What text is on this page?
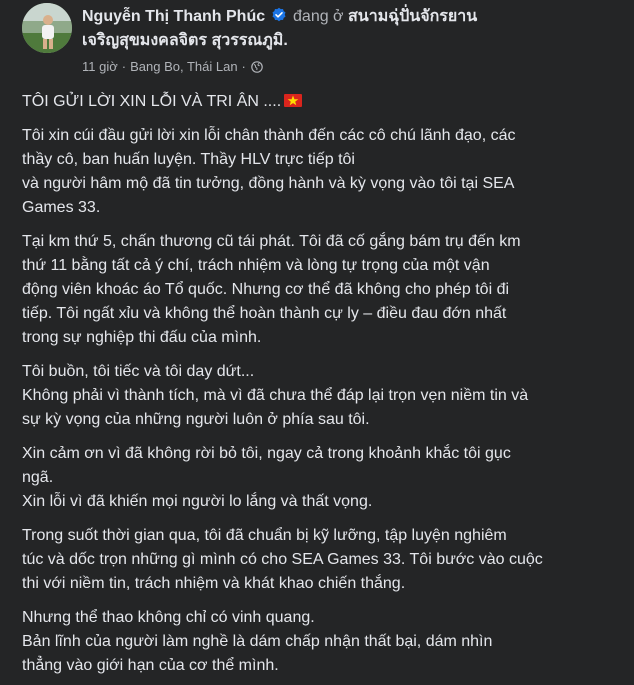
Nguyễn Thị Thanh Phúc đang ở สนามฉุ่ปั่นจักรยาน
เจริญสุขมงคลจิตร สุวรรณภูมิ.
11 giờ · Bang Bo, Thái Lan ·

TÔI GỬI LỜI XIN LỖI VÀ TRI ÂN ....

Tôi xin cúi đầu gửi lời xin lỗi chân thành đến các cô chú lãnh đạo, các
thầy cô, ban huấn luyện. Thầy HLV trực tiếp tôi
và người hâm mộ đã tin tưởng, đồng hành và kỳ vọng vào tôi tại SEA
Games 33.

Tại km thứ 5, chấn thương cũ tái phát. Tôi đã cố gắng bám trụ đến km
thứ 11 bằng tất cả ý chí, trách nhiệm và lòng tự trọng của một vận
động viên khoác áo Tổ quốc. Nhưng cơ thể đã không cho phép tôi đi
tiếp. Tôi ngất xỉu và không thể hoàn thành cự ly – điều đau đớn nhất
trong sự nghiệp thi đấu của mình.

Tôi buồn, tôi tiếc và tôi day dứt...
Không phải vì thành tích, mà vì đã chưa thể đáp lại trọn vẹn niềm tin và
sự kỳ vọng của những người luôn ở phía sau tôi.

Xin cảm ơn vì đã không rời bỏ tôi, ngay cả trong khoảnh khắc tôi gục
ngã.
Xin lỗi vì đã khiến mọi người lo lắng và thất vọng.

Trong suốt thời gian qua, tôi đã chuẩn bị kỹ lưỡng, tập luyện nghiêm
túc và dốc trọn những gì mình có cho SEA Games 33. Tôi bước vào cuộc
thi với niềm tin, trách nhiệm và khát khao chiến thắng.

Nhưng thể thao không chỉ có vinh quang.
Bản lĩnh của người làm nghề là dám chấp nhận thất bại, dám nhìn
thẳng vào giới hạn của cơ thể mình.
